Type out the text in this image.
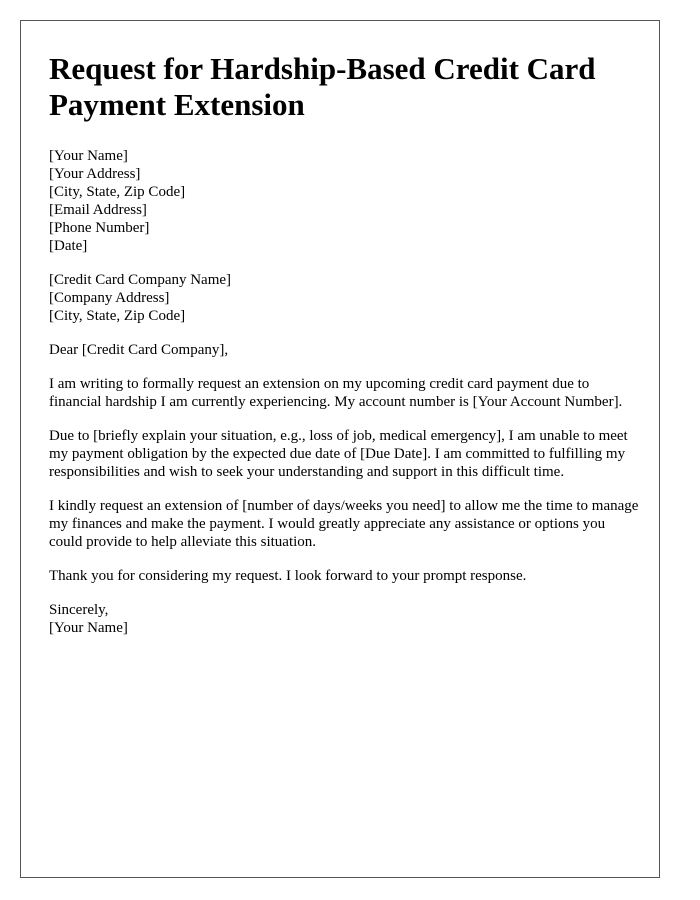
Request for Hardship-Based Credit Card Payment Extension
[Your Name]
[Your Address]
[City, State, Zip Code]
[Email Address]
[Phone Number]
[Date]
[Credit Card Company Name]
[Company Address]
[City, State, Zip Code]
Dear [Credit Card Company],

I am writing to formally request an extension on my upcoming credit card payment due to financial hardship I am currently experiencing. My account number is [Your Account Number].

Due to [briefly explain your situation, e.g., loss of job, medical emergency], I am unable to meet my payment obligation by the expected due date of [Due Date]. I am committed to fulfilling my responsibilities and wish to seek your understanding and support in this difficult time.

I kindly request an extension of [number of days/weeks you need] to allow me the time to manage my finances and make the payment. I would greatly appreciate any assistance or options you could provide to help alleviate this situation.

Thank you for considering my request. I look forward to your prompt response.

Sincerely,
[Your Name]
